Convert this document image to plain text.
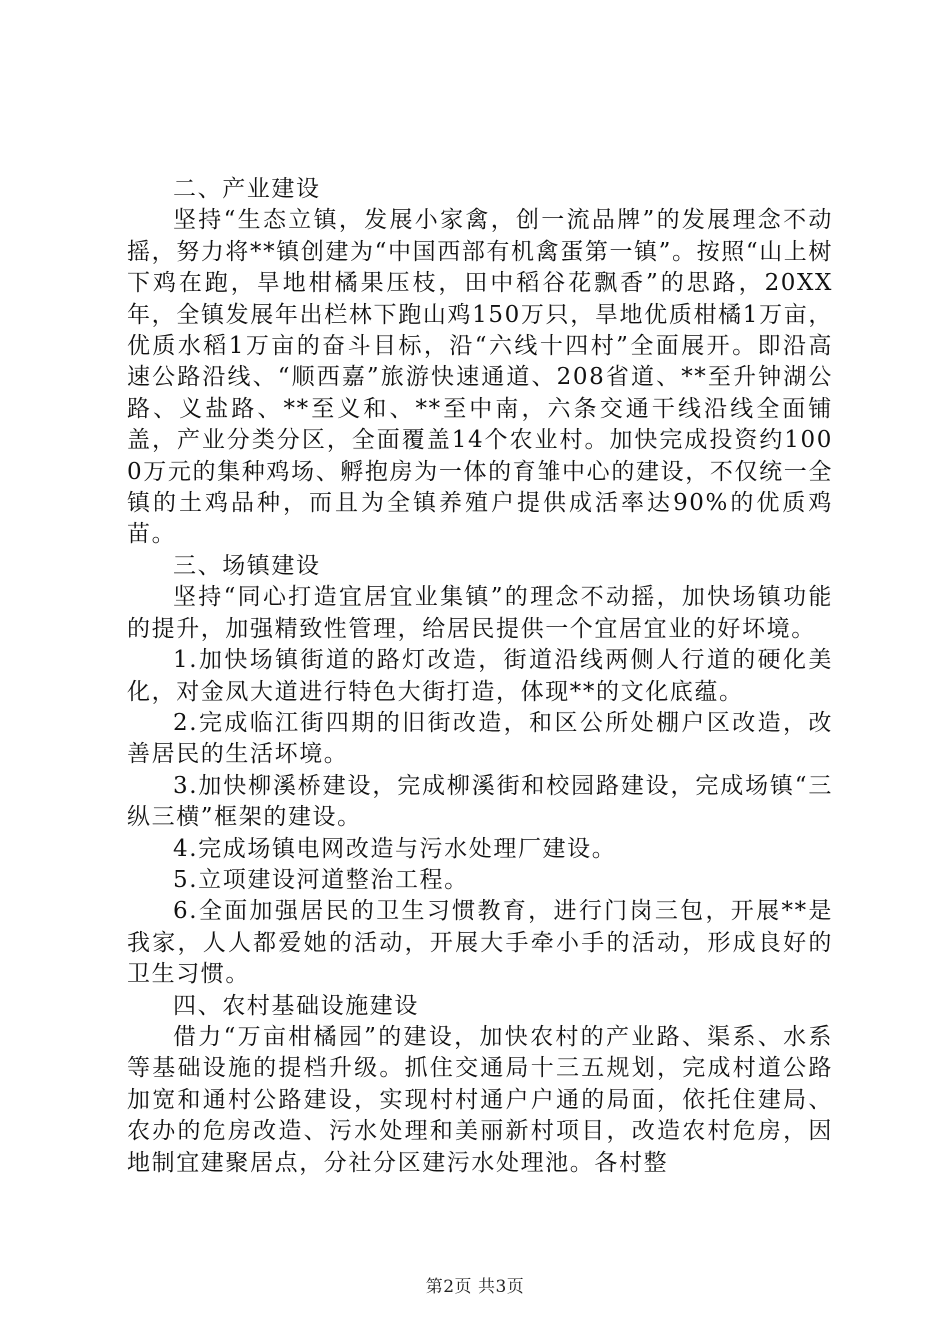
二、产业建设

坚持“生态立镇，发展小家禽，创一流品牌”的发展理念不动摇，努力将**镇创建为“中国西部有机禽蛋第一镇”。按照“山上树下鸡在跑，旱地柑橘果压枝，田中稻谷花飘香”的思路，20XX年，全镇发展年出栏林下跑山鸡150万只，旱地优质柑橘1万亩，优质水稻1万亩的奋斗目标，沿“六线十四村”全面展开。即沿高速公路沿线、“顺西嘉”旅游快速通道、208省道、**至升钟湖公路、义盐路、**至义和、**至中南，六条交通干线沿线全面铺盖，产业分类分区，全面覆盖14个农业村。加快完成投资约1000万元的集种鸡场、孵抱房为一体的育雏中心的建设，不仅统一全镇的土鸡品种，而且为全镇养殖户提供成活率达90%的优质鸡苗。

三、场镇建设

坚持“同心打造宜居宜业集镇”的理念不动摇，加快场镇功能的提升，加强精致性管理，给居民提供一个宜居宜业的好坏境。

1.加快场镇街道的路灯改造，街道沿线两侧人行道的硬化美化，对金凤大道进行特色大街打造，体现**的文化底蕴。

2.完成临江街四期的旧街改造，和区公所处棚户区改造，改善居民的生活坏境。

3.加快柳溪桥建设，完成柳溪街和校园路建设，完成场镇“三纵三横”框架的建设。

4.完成场镇电网改造与污水处理厂建设。

5.立项建设河道整治工程。

6.全面加强居民的卫生习惯教育，进行门岗三包，开展**是我家，人人都爱她的活动，开展大手牵小手的活动，形成良好的卫生习惯。

四、农村基础设施建设

借力“万亩柑橘园”的建设，加快农村的产业路、渠系、水系等基础设施的提档升级。抓住交通局十三五规划，完成村道公路加宽和通村公路建设，实现村村通户户通的局面，依托住建局、农办的危房改造、污水处理和美丽新村项目，改造农村危房，因地制宜建聚居点，分社分区建污水处理池。各村整

第2页 共3页
